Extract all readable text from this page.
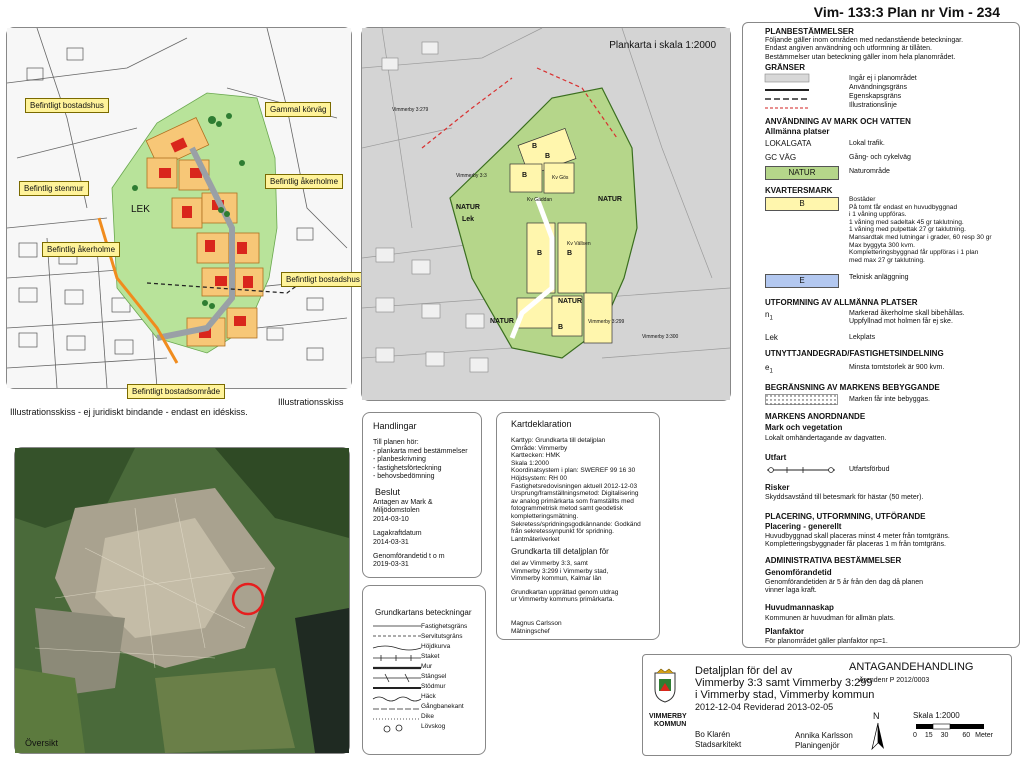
Vim- 133:3 Plan nr Vim - 234
LEK
Befintligt bostadshus	Gammal körväg
Befintlig stenmur
Befintlig åkerholme
Befintlig åkerholme
Befintligt bostadshus
Befintligt bostadsområde
Illustrationsskiss
Illustrationsskiss - ej juridiskt bindande - endast en idéskiss.
Plankarta i skala 1:2000
NATUR
Lek
NATUR
NATUR
NATUR
B
B
B
B	B
B
Vimmerby 3:3
Vimmerby 3:279
Vimmerby 3:299
Vimmerby 3:300
Kv Gäddan
Kv Gös
Kv Vällsen
Översikt
Handlingar
Till planen hör:
- plankarta med bestämmelser
- planbeskrivning
- fastighetsförteckning
- behovsbedömning
Beslut
Antagen av Mark & Miljödomstolen
2014-03-10
Lagakraftdatum
2014-03-31
Genomförandetid t o m
2019-03-31
Kartdeklaration
Karttyp: Grundkarta till detaljplan
Område: Vimmerby
Karttecken: HMK
Skala 1:2000
Koordinatsystem i plan: SWEREF 99 16 30
Höjdsystem: RH 00
Fastighetsredovisningen aktuell 2012-12-03
Ursprung/framställningsmetod: Digitalisering
av analog primärkarta som framställts med
fotogrammetrisk metod samt geodetisk
kompletteringsmätning.
Sekretess/spridningsgodkännande: Godkänd
från sekretessynpunkt för spridning.
Lantmäteriverket
Grundkarta till detaljplan för
del av Vimmerby 3:3, samt
Vimmerby 3:299 i Vimmerby stad,
Vimmerby kommun, Kalmar län
Grundkartan upprättad genom utdrag
ur Vimmerby kommuns primärkarta.
Magnus Carlsson
Mätningschef
Grundkartans beteckningar
Fastighetsgräns
Servitutsgräns
Höjdkurva
Staket
Mur
Stängsel
Stödmur
Häck
Gångbanekant
Dike
Lövskog
PLANBESTÄMMELSER
Följande gäller inom områden med nedanstående beteckningar.
Endast angiven användning och utformning är tillåten.
Bestämmelser utan beteckning gäller inom hela planområdet.
GRÄNSER
Ingår ej i planområdet
Användningsgräns
Egenskapsgräns
Illustrationslinje
ANVÄNDNING AV MARK OCH VATTEN
Allmänna platser
LOKALGATA	Lokal trafik.
GC VÄG	Gång- och cykelväg
NATUR	Naturområde
KVARTERSMARK
B	Bostäder
På tomt får endast en huvudbyggnad
i 1 våning uppföras.
1 våning med sadeltak 45 gr taklutning.
1 våning med pulpettak 27 gr taklutning.
Mansardtak med lutningar i grader, 60 resp 30 gr
Max byggyta 300 kvm.
Kompletteringsbyggnad får uppföras i 1 plan
med max 27 gr taklutning.
E	Teknisk anläggning
UTFORMNING AV ALLMÄNNA PLATSER
$n_1$
Markerad åkerholme skall bibehållas.
Uppfyllnad mot holmen får ej ske.
Lek	Lekplats
UTNYTTJANDEGRAD/FASTIGHETSINDELNING
$e_1$
Minsta tomtstorlek är 900 kvm.
BEGRÄNSNING AV MARKENS BEBYGGANDE
Marken får inte bebyggas.
MARKENS ANORDNANDE
Mark och vegetation
Lokalt omhändertagande av dagvatten.
Utfart
Utfartsförbud
Risker
Skyddsavstånd till betesmark för hästar (50 meter).
PLACERING, UTFORMNING, UTFÖRANDE
Placering - generellt
Huvudbyggnad skall placeras minst 4 meter från tomtgräns.
Kompletteringsbyggnader får placeras 1 m från tomtgräns.
ADMINISTRATIVA BESTÄMMELSER
Genomförandetid
Genomförandetiden är 5 år från den dag då planen
vinner laga kraft.
Huvudmannaskap
Kommunen är huvudman för allmän plats.
Planfaktor
För planområdet gäller planfaktor np=1.
ANTAGANDEHANDLING
Ärendenr P 2012/0003
VIMMERBY
KOMMUN
Detaljplan för del av
Vimmerby 3:3 samt Vimmerby 3:299
i Vimmerby stad, Vimmerby kommun
2012-12-04 Reviderad 2013-02-05
Bo Klarén
Stadsarkitekt
Annika Karlsson
Planingenjör
N	Skala 1:2000
0 15 30 60 Meter
